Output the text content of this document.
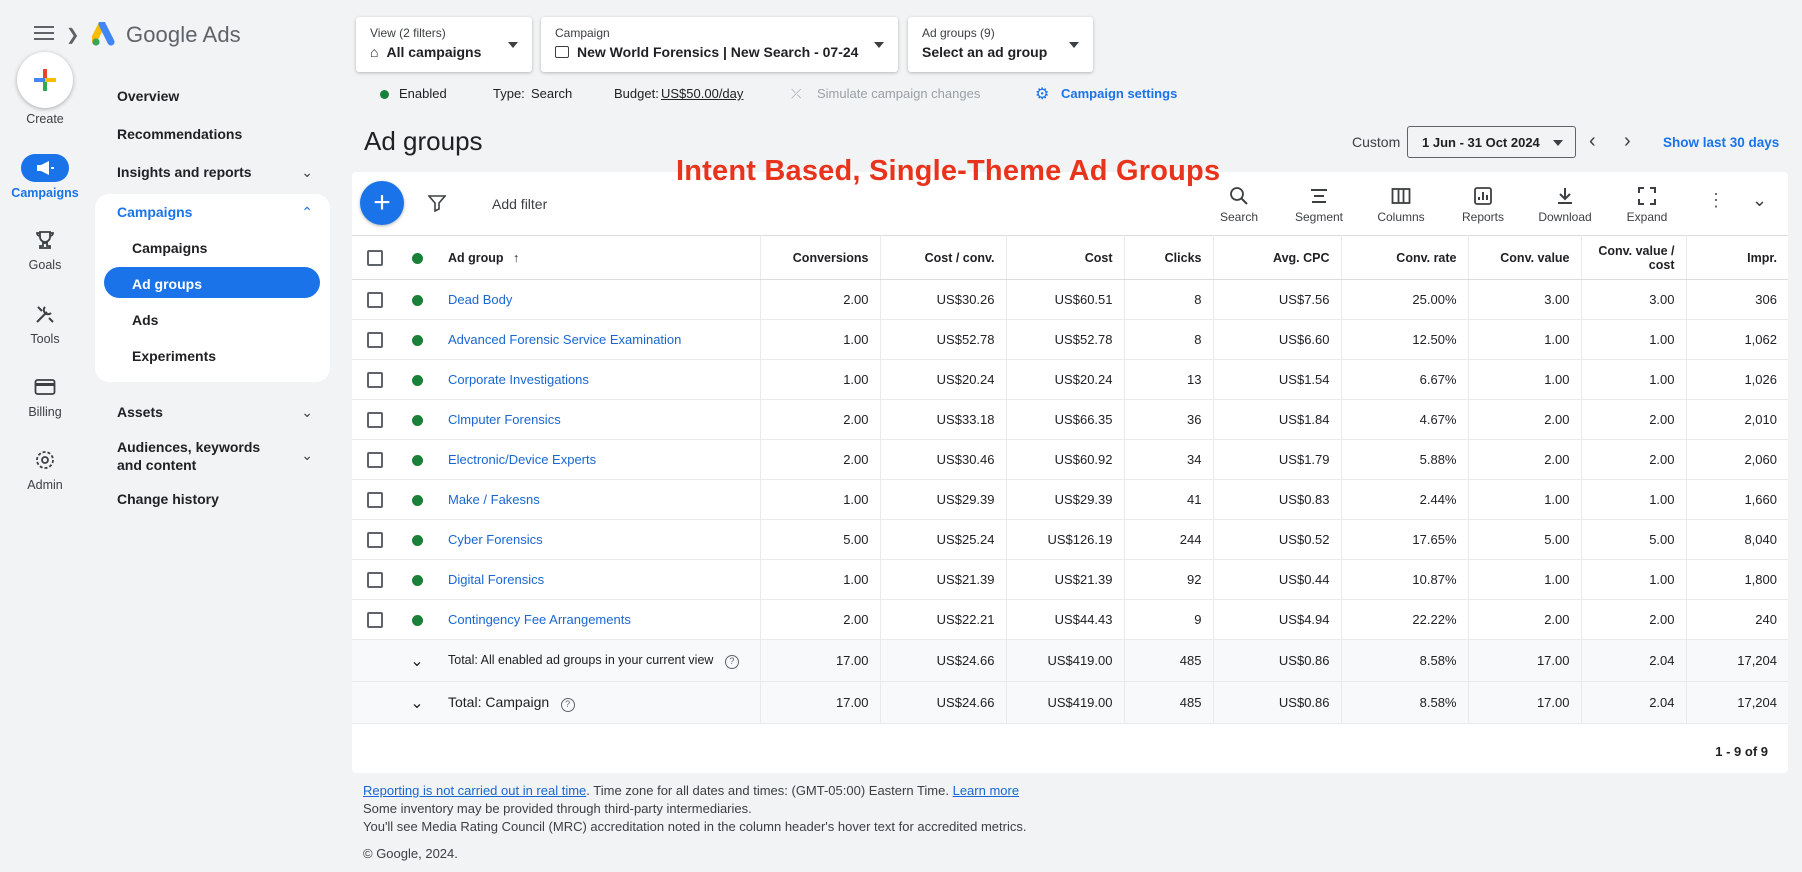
❯
Create
Campaigns
Goals
Tools
Billing
Admin
Google Ads
Overview
Recommendations
Insights and reports	⌄
Campaigns	⌃
Campaigns
Ad groups
Ads
Experiments
Assets	⌄
Audiences, keywords and content
⌄
Change history
View (2 filters)
⌂ All campaigns
Campaign
New World Forensics | New Search - 07-24
Ad groups (9)
Select an ad group
Enabled	Type: Search	Budget: US$50.00/day	⤫ Simulate campaign changes	⚙ Campaign settings
Ad groups	Custom	1 Jun - 31 Oct 2024	‹ › Show last 30 days
+	Add filter
Search	Segment	Columns	Reports	Download	Expand
⋮ ⌄
		Ad group ↑	Conversions	Cost / conv.	Cost	Clicks	Avg. CPC	Conv. rate	Conv. value	Conv. value / cost	Impr.
		Dead Body	2.00	US$30.26	US$60.51	8	US$7.56	25.00%	3.00	3.00	306
		Advanced Forensic Service Examination	1.00	US$52.78	US$52.78	8	US$6.60	12.50%	1.00	1.00	1,062
		Corporate Investigations	1.00	US$20.24	US$20.24	13	US$1.54	6.67%	1.00	1.00	1,026
		Clmputer Forensics	2.00	US$33.18	US$66.35	36	US$1.84	4.67%	2.00	2.00	2,010
		Electronic/Device Experts	2.00	US$30.46	US$60.92	34	US$1.79	5.88%	2.00	2.00	2,060
		Make / Fakesns	1.00	US$29.39	US$29.39	41	US$0.83	2.44%	1.00	1.00	1,660
		Cyber Forensics	5.00	US$25.24	US$126.19	244	US$0.52	17.65%	5.00	5.00	8,040
		Digital Forensics	1.00	US$21.39	US$21.39	92	US$0.44	10.87%	1.00	1.00	1,800
		Contingency Fee Arrangements	2.00	US$22.21	US$44.43	9	US$4.94	22.22%	2.00	2.00	240
	⌄	Total: All enabled ad groups in your current view ?	17.00	US$24.66	US$419.00	485	US$0.86	8.58%	17.00	2.04	17,204
	⌄	Total: Campaign ?	17.00	US$24.66	US$419.00	485	US$0.86	8.58%	17.00	2.04	17,204
1 - 9 of 9
Intent Based, Single-Theme Ad Groups
Reporting is not carried out in real time. Time zone for all dates and times: (GMT-05:00) Eastern Time. Learn more
Some inventory may be provided through third-party intermediaries.
You'll see Media Rating Council (MRC) accreditation noted in the column header's hover text for accredited metrics.
© Google, 2024.
